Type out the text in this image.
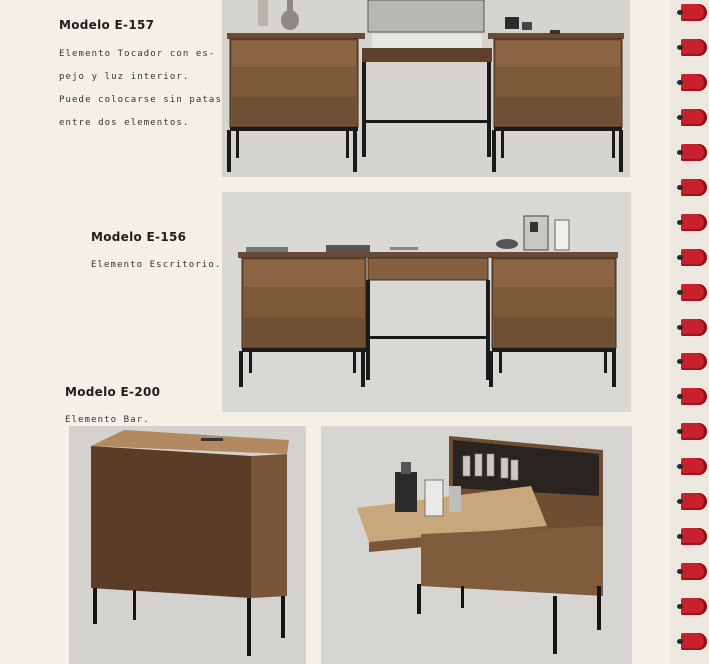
Modelo E-157

Elemento Tocador con es-

pejo y luz interior.

Puede colocarse sin patas

entre dos elementos.

Modelo E-156

Elemento Escritorio.

Modelo E-200

Elemento Bar.
